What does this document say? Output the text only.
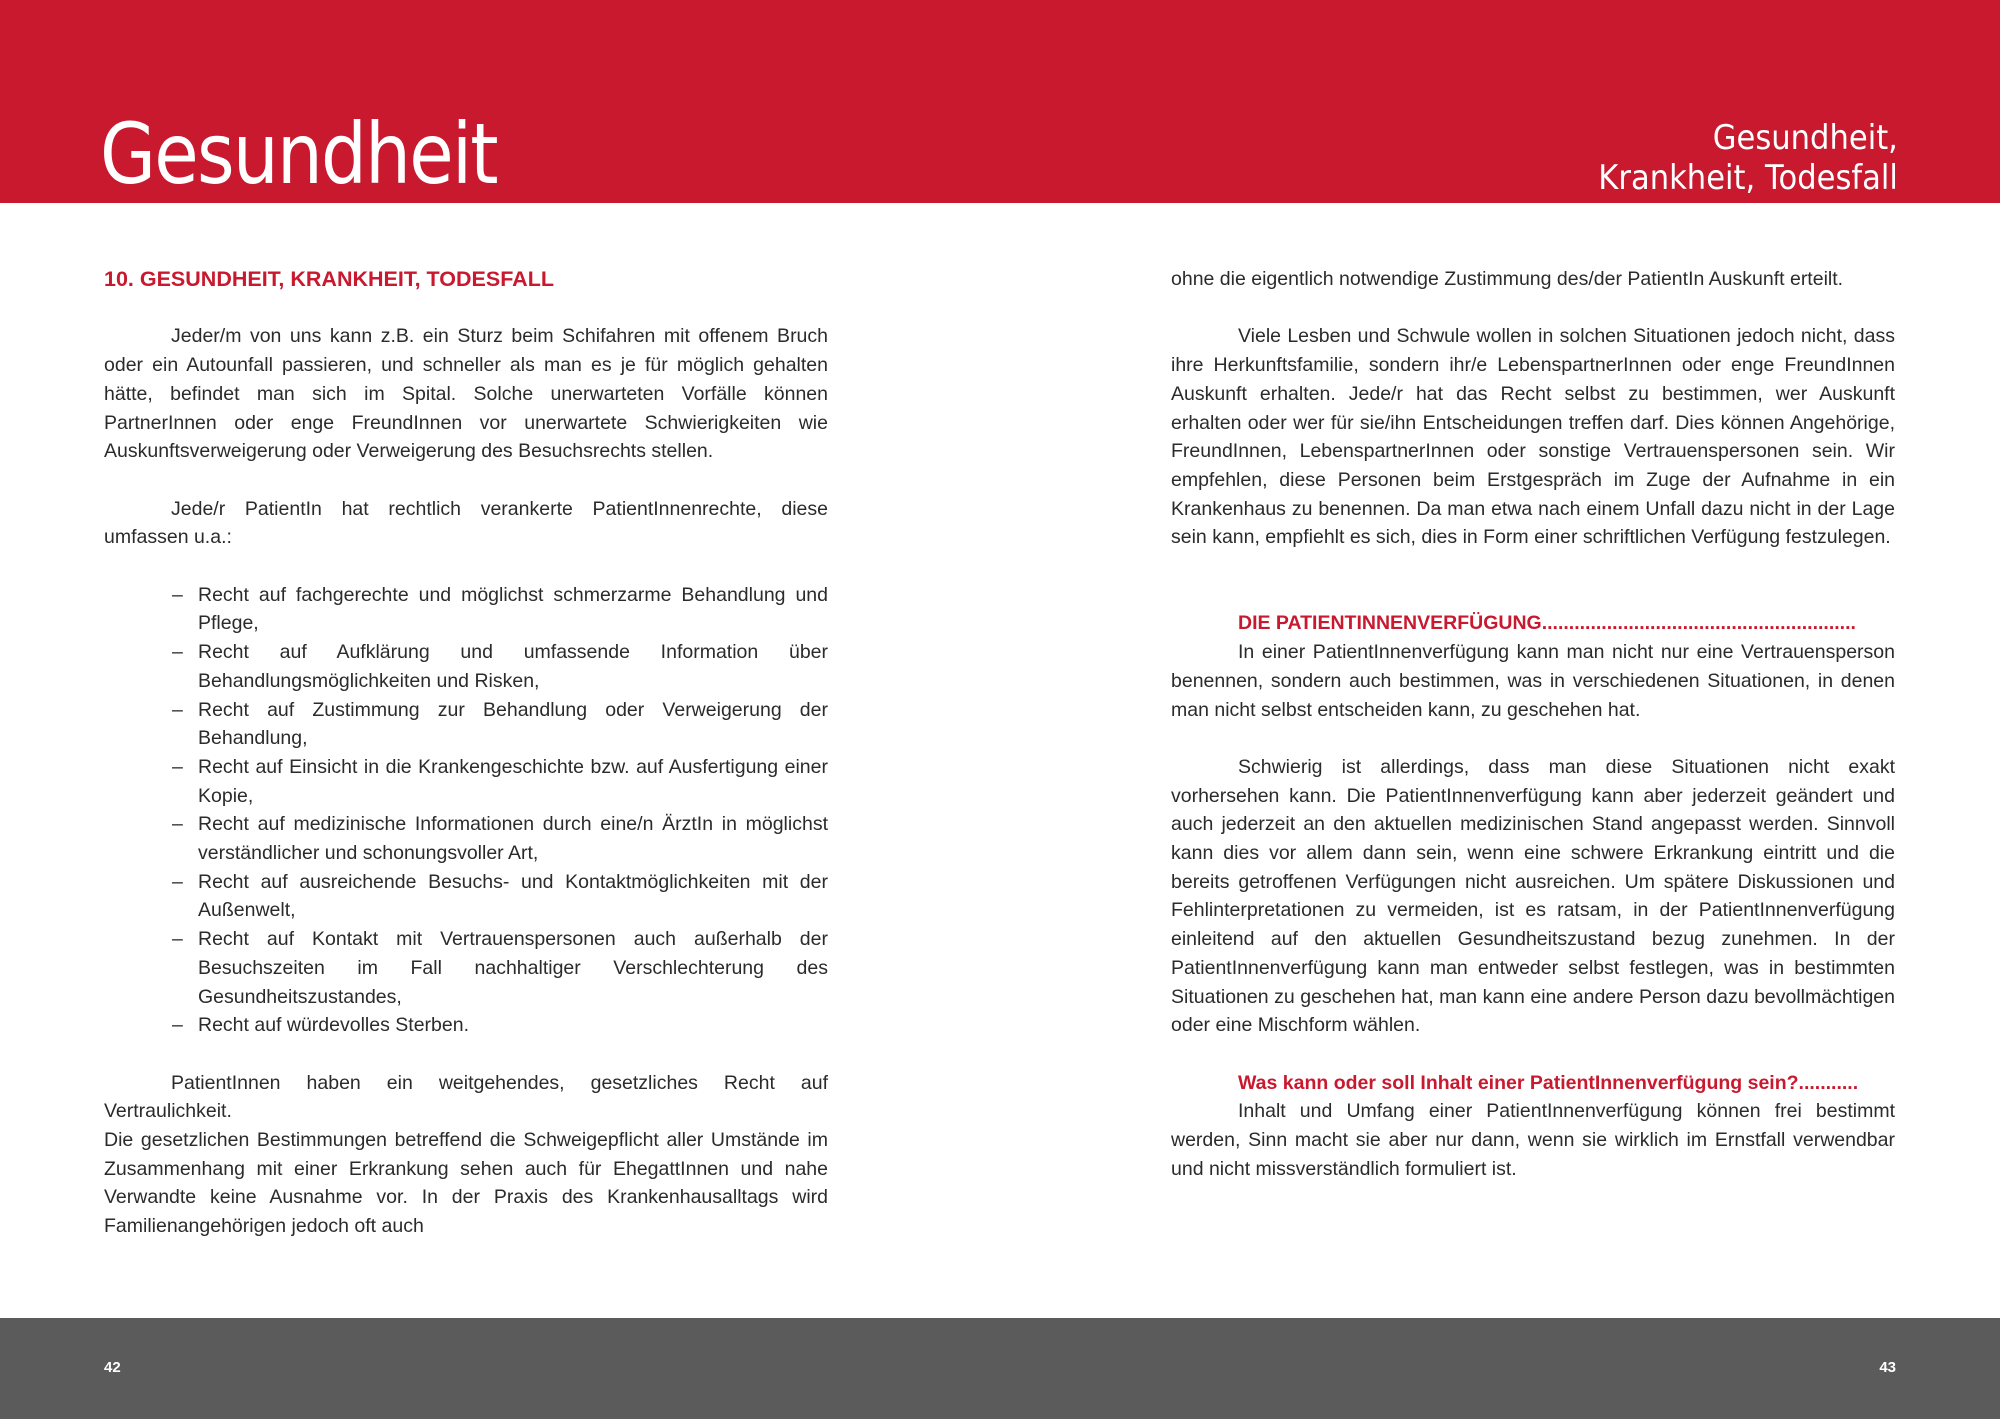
Gesundheit	Gesundheit,
Krankheit, Todesfall
10. GESUNDHEIT, KRANKHEIT, TODESFALL

Jeder/m von uns kann z.B. ein Sturz beim Schifahren mit offenem Bruch oder ein Autounfall passieren, und schneller als man es je für möglich gehalten hätte, befindet man sich im Spital. Solche unerwarteten Vorfälle können PartnerInnen oder enge FreundInnen vor unerwartete Schwierigkeiten wie Auskunftsverweigerung oder Verweigerung des Besuchsrechts stellen.

Jede/r PatientIn hat rechtlich verankerte PatientInnenrechte, diese umfassen u.a.:

– Recht auf fachgerechte und möglichst schmerzarme Behandlung und Pflege,
– Recht auf Aufklärung und umfassende Information über Behandlungsmöglichkeiten und Risken,
– Recht auf Zustimmung zur Behandlung oder Verweigerung der Behandlung,
– Recht auf Einsicht in die Krankengeschichte bzw. auf Ausfertigung einer Kopie,
– Recht auf medizinische Informationen durch eine/n ÄrztIn in möglichst verständlicher und schonungsvoller Art,
– Recht auf ausreichende Besuchs- und Kontaktmöglichkeiten mit der Außenwelt,
– Recht auf Kontakt mit Vertrauenspersonen auch außerhalb der Besuchszeiten im Fall nachhaltiger Verschlechterung des Gesundheitszustandes,
– Recht auf würdevolles Sterben.

PatientInnen haben ein weitgehendes, gesetzliches Recht auf Vertraulichkeit.

Die gesetzlichen Bestimmungen betreffend die Schweigepflicht aller Umstände im Zusammenhang mit einer Erkrankung sehen auch für EhegattInnen und nahe Verwandte keine Ausnahme vor. In der Praxis des Krankenhausalltags wird Familienangehörigen jedoch oft auch

ohne die eigentlich notwendige Zustimmung des/der PatientIn Auskunft erteilt.

Viele Lesben und Schwule wollen in solchen Situationen jedoch nicht, dass ihre Herkunftsfamilie, sondern ihr/e LebenspartnerInnen oder enge FreundInnen Auskunft erhalten. Jede/r hat das Recht selbst zu bestimmen, wer Auskunft erhalten oder wer für sie/ihn Entscheidungen treffen darf. Dies können Angehörige, FreundInnen, LebenspartnerInnen oder sonstige Vertrauenspersonen sein. Wir empfehlen, diese Personen beim Erstgespräch im Zuge der Aufnahme in ein Krankenhaus zu benennen. Da man etwa nach einem Unfall dazu nicht in der Lage sein kann, empfiehlt es sich, dies in Form einer schriftlichen Verfügung festzulegen.

DIE PATIENTINNENVERFÜGUNG..........................................................

In einer PatientInnenverfügung kann man nicht nur eine Vertrauensperson benennen, sondern auch bestimmen, was in verschiedenen Situationen, in denen man nicht selbst entscheiden kann, zu geschehen hat.

Schwierig ist allerdings, dass man diese Situationen nicht exakt vorhersehen kann. Die PatientInnenverfügung kann aber jederzeit geändert und auch jederzeit an den aktuellen medizinischen Stand angepasst werden. Sinnvoll kann dies vor allem dann sein, wenn eine schwere Erkrankung eintritt und die bereits getroffenen Verfügungen nicht ausreichen. Um spätere Diskussionen und Fehlinterpretationen zu vermeiden, ist es ratsam, in der PatientInnenverfügung einleitend auf den aktuellen Gesundheitszustand bezug zunehmen. In der PatientInnenverfügung kann man entweder selbst festlegen, was in bestimmten Situationen zu geschehen hat, man kann eine andere Person dazu bevollmächtigen oder eine Mischform wählen.

Was kann oder soll Inhalt einer PatientInnenverfügung sein?...........

Inhalt und Umfang einer PatientInnenverfügung können frei bestimmt werden, Sinn macht sie aber nur dann, wenn sie wirklich im Ernstfall verwendbar und nicht missverständlich formuliert ist.

42	43
